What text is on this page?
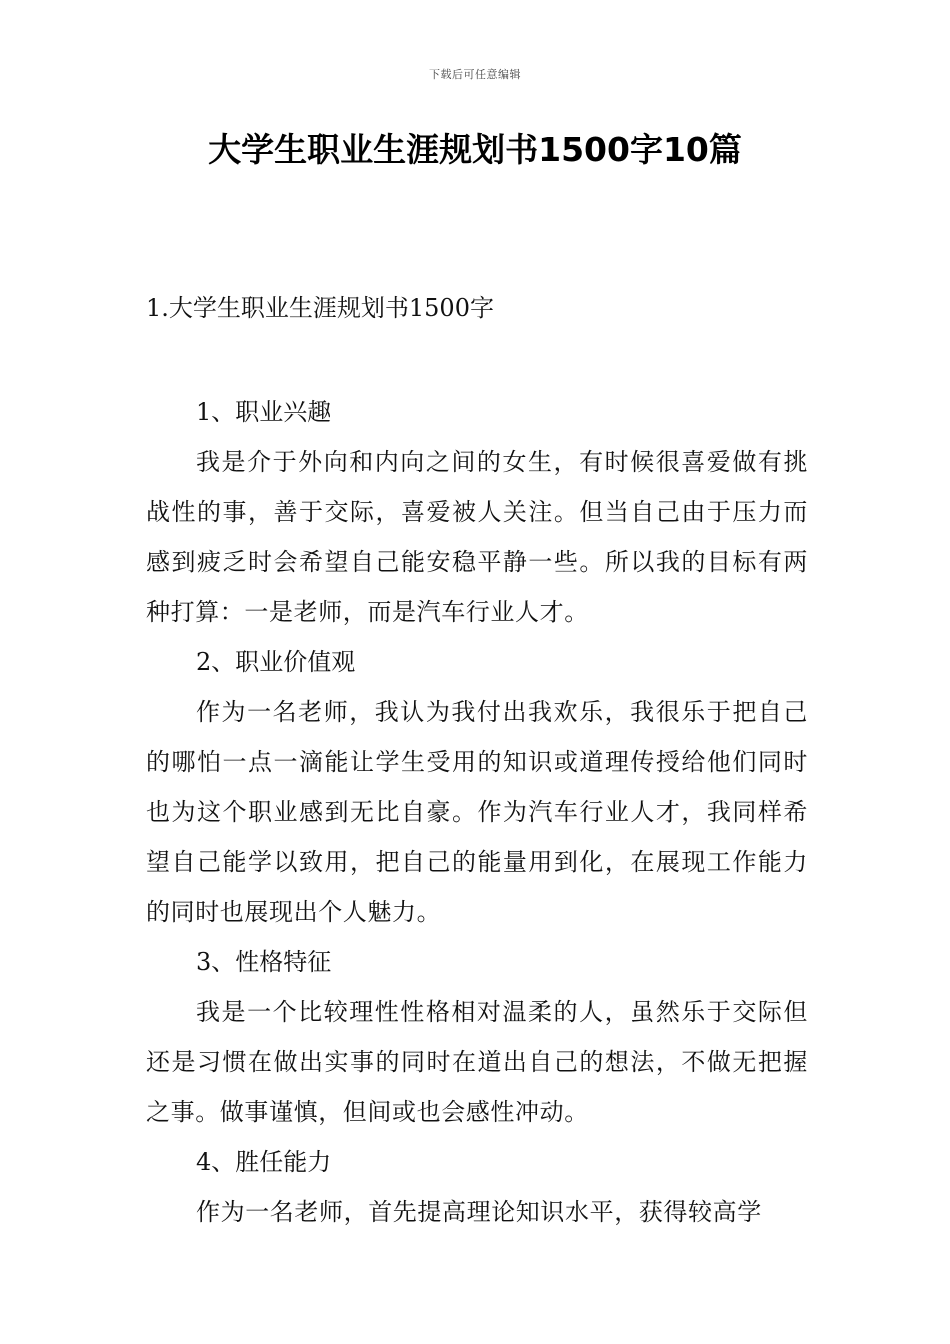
下载后可任意编辑
大学生职业生涯规划书1500字10篇

1.大学生职业生涯规划书1500字

1、职业兴趣

我是介于外向和内向之间的女生，有时候很喜爱做有挑战性的事，善于交际，喜爱被人关注。但当自己由于压力而感到疲乏时会希望自己能安稳平静一些。所以我的目标有两种打算：一是老师，而是汽车行业人才。

2、职业价值观

作为一名老师，我认为我付出我欢乐，我很乐于把自己的哪怕一点一滴能让学生受用的知识或道理传授给他们同时也为这个职业感到无比自豪。作为汽车行业人才，我同样希望自己能学以致用，把自己的能量用到化，在展现工作能力的同时也展现出个人魅力。

3、性格特征

我是一个比较理性性格相对温柔的人，虽然乐于交际但还是习惯在做出实事的同时在道出自己的想法，不做无把握之事。做事谨慎，但间或也会感性冲动。

4、胜任能力

作为一名老师，首先提高理论知识水平，获得较高学
